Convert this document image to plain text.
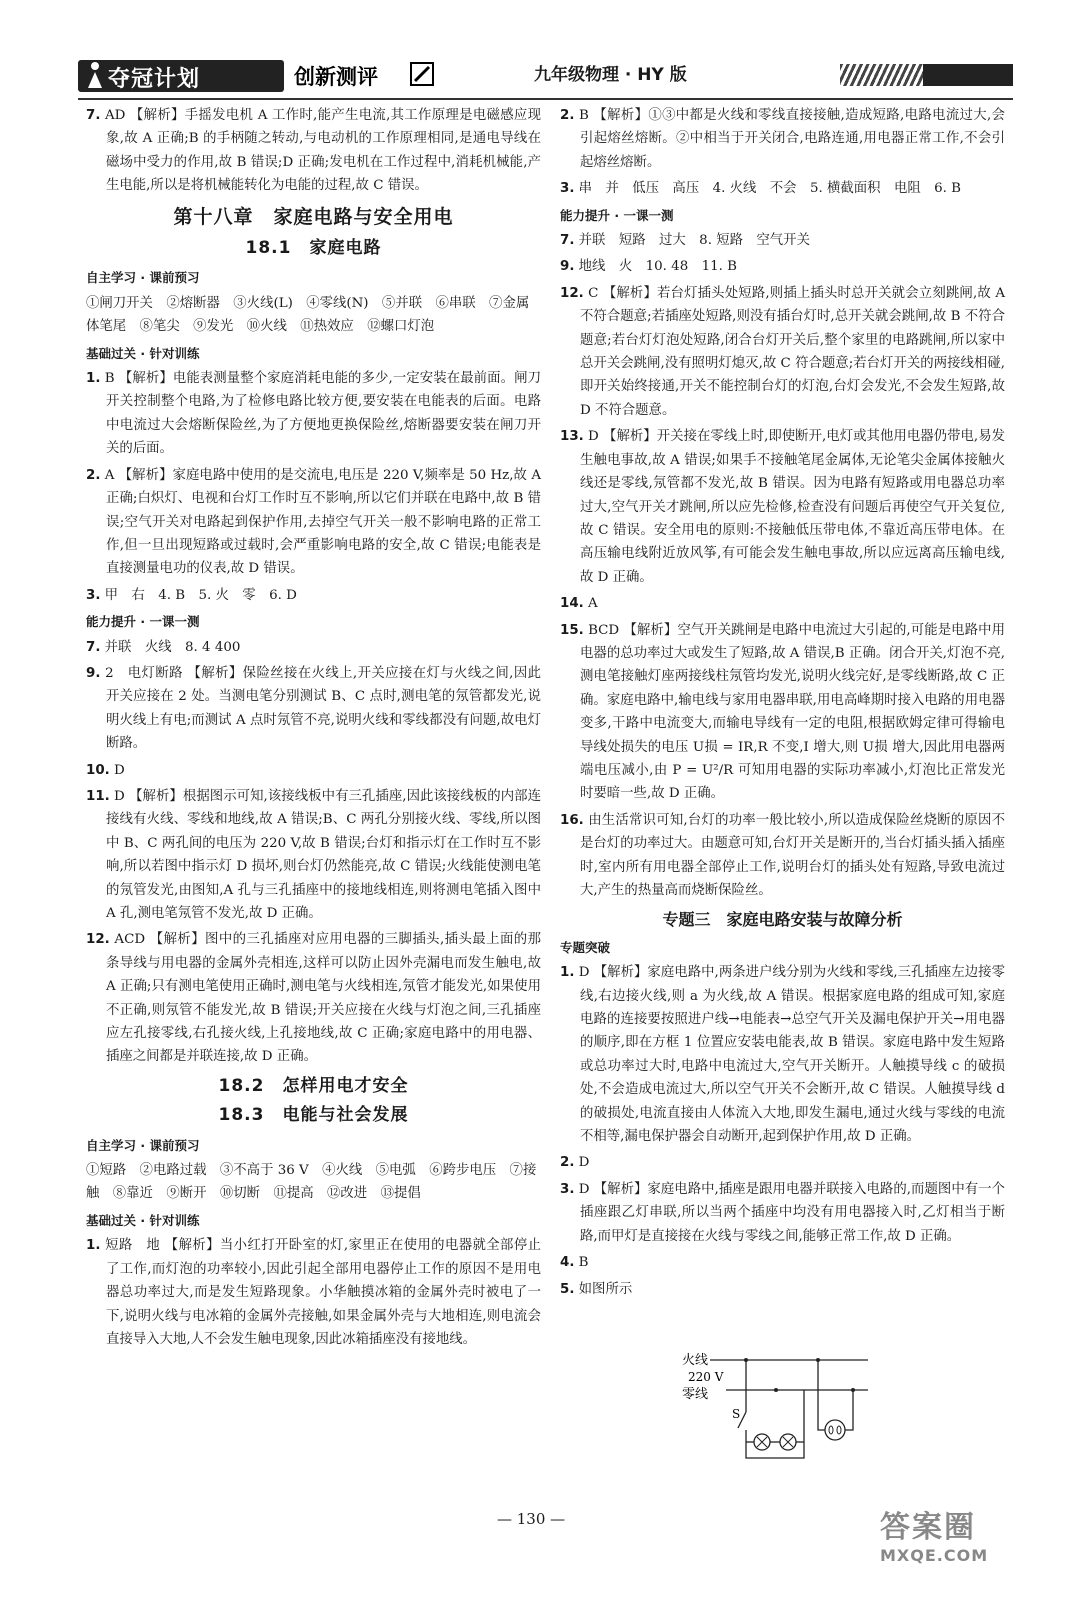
夺冠计划	创新测评	九年级物理 · HY 版

7. AD 【解析】手摇发电机 A 工作时,能产生电流,其工作原理是电磁感应现象,故 A 正确;B 的手柄随之转动,与电动机的工作原理相同,是通电导线在磁场中受力的作用,故 B 错误;D 正确;发电机在工作过程中,消耗机械能,产生电能,所以是将机械能转化为电能的过程,故 C 错误。

第十八章　家庭电路与安全用电
18.1　家庭电路
自主学习 · 课前预习

①闸刀开关　②熔断器　③火线(L)　④零线(N)　⑤并联　⑥串联　⑦金属体笔尾　⑧笔尖　⑨发光　⑩火线　⑪热效应　⑫螺口灯泡

基础过关 · 针对训练

1. B 【解析】电能表测量整个家庭消耗电能的多少,一定安装在最前面。闸刀开关控制整个电路,为了检修电路比较方便,要安装在电能表的后面。电路中电流过大会熔断保险丝,为了方便地更换保险丝,熔断器要安装在闸刀开关的后面。

2. A 【解析】家庭电路中使用的是交流电,电压是 220 V,频率是 50 Hz,故 A 正确;白炽灯、电视和台灯工作时互不影响,所以它们并联在电路中,故 B 错误;空气开关对电路起到保护作用,去掉空气开关一般不影响电路的正常工作,但一旦出现短路或过载时,会严重影响电路的安全,故 C 错误;电能表是直接测量电功的仪表,故 D 错误。

3. 甲　右　4. B　5. 火　零　6. D

能力提升 · 一课一测

7. 并联　火线　8. 4 400

9. 2　电灯断路 【解析】保险丝接在火线上,开关应接在灯与火线之间,因此开关应接在 2 处。当测电笔分别测试 B、C 点时,测电笔的氖管都发光,说明火线上有电;而测试 A 点时氖管不亮,说明火线和零线都没有问题,故电灯断路。

10. D

11. D 【解析】根据图示可知,该接线板中有三孔插座,因此该接线板的内部连接线有火线、零线和地线,故 A 错误;B、C 两孔分别接火线、零线,所以图中 B、C 两孔间的电压为 220 V,故 B 错误;台灯和指示灯在工作时互不影响,所以若图中指示灯 D 损坏,则台灯仍然能亮,故 C 错误;火线能使测电笔的氖管发光,由图知,A 孔与三孔插座中的接地线相连,则将测电笔插入图中 A 孔,测电笔氖管不发光,故 D 正确。

12. ACD 【解析】图中的三孔插座对应用电器的三脚插头,插头最上面的那条导线与用电器的金属外壳相连,这样可以防止因外壳漏电而发生触电,故 A 正确;只有测电笔使用正确时,测电笔与火线相连,氖管才能发光,如果使用不正确,则氖管不能发光,故 B 错误;开关应接在火线与灯泡之间,三孔插座应左孔接零线,右孔接火线,上孔接地线,故 C 正确;家庭电路中的用电器、插座之间都是并联连接,故 D 正确。

18.2　怎样用电才安全
18.3　电能与社会发展
自主学习 · 课前预习

①短路　②电路过载　③不高于 36 V　④火线　⑤电弧　⑥跨步电压　⑦接触　⑧靠近　⑨断开　⑩切断　⑪提高　⑫改进　⑬提倡

基础过关 · 针对训练

1. 短路　地 【解析】当小红打开卧室的灯,家里正在使用的电器就全部停止了工作,而灯泡的功率较小,因此引起全部用电器停止工作的原因不是用电器总功率过大,而是发生短路现象。小华触摸冰箱的金属外壳时被电了一下,说明火线与电冰箱的金属外壳接触,如果金属外壳与大地相连,则电流会直接导入大地,人不会发生触电现象,因此冰箱插座没有接地线。

2. B 【解析】①③中都是火线和零线直接接触,造成短路,电路电流过大,会引起熔丝熔断。②中相当于开关闭合,电路连通,用电器正常工作,不会引起熔丝熔断。

3. 串　并　低压　高压　4. 火线　不会　5. 横截面积　电阻　6. B

能力提升 · 一课一测

7. 并联　短路　过大　8. 短路　空气开关

9. 地线　火　10. 48　11. B

12. C 【解析】若台灯插头处短路,则插上插头时总开关就会立刻跳闸,故 A 不符合题意;若插座处短路,则没有插台灯时,总开关就会跳闸,故 B 不符合题意;若台灯灯泡处短路,闭合台灯开关后,整个家里的电路跳闸,所以家中总开关会跳闸,没有照明灯熄灭,故 C 符合题意;若台灯开关的两接线相碰,即开关始终接通,开关不能控制台灯的灯泡,台灯会发光,不会发生短路,故 D 不符合题意。

13. D 【解析】开关接在零线上时,即使断开,电灯或其他用电器仍带电,易发生触电事故,故 A 错误;如果手不接触笔尾金属体,无论笔尖金属体接触火线还是零线,氖管都不发光,故 B 错误。因为电路有短路或用电器总功率过大,空气开关才跳闸,所以应先检修,检查没有问题后再使空气开关复位,故 C 错误。安全用电的原则:不接触低压带电体,不靠近高压带电体。在高压输电线附近放风筝,有可能会发生触电事故,所以应远离高压输电线,故 D 正确。

14. A

15. BCD 【解析】空气开关跳闸是电路中电流过大引起的,可能是电路中用电器的总功率过大或发生了短路,故 A 错误,B 正确。闭合开关,灯泡不亮,测电笔接触灯座两接线柱氖管均发光,说明火线完好,是零线断路,故 C 正确。家庭电路中,输电线与家用电器串联,用电高峰期时接入电路的用电器变多,干路中电流变大,而输电导线有一定的电阻,根据欧姆定律可得输电导线处损失的电压 U损 = IR,R 不变,I 增大,则 U损 增大,因此用电器两端电压减小,由 P = U²/R 可知用电器的实际功率减小,灯泡比正常发光时要暗一些,故 D 正确。

16. 由生活常识可知,台灯的功率一般比较小,所以造成保险丝烧断的原因不是台灯的功率过大。由题意可知,台灯开关是断开的,当台灯插头插入插座时,室内所有用电器全部停止工作,说明台灯的插头处有短路,导致电流过大,产生的热量高而烧断保险丝。

专题三　家庭电路安装与故障分析
专题突破

1. D 【解析】家庭电路中,两条进户线分别为火线和零线,三孔插座左边接零线,右边接火线,则 a 为火线,故 A 错误。根据家庭电路的组成可知,家庭电路的连接要按照进户线→电能表→总空气开关及漏电保护开关→用电器的顺序,即在方框 1 位置应安装电能表,故 B 错误。家庭电路中发生短路或总功率过大时,电路中电流过大,空气开关断开。人触摸导线 c 的破损处,不会造成电流过大,所以空气开关不会断开,故 C 错误。人触摸导线 d 的破损处,电流直接由人体流入大地,即发生漏电,通过火线与零线的电流不相等,漏电保护器会自动断开,起到保护作用,故 D 正确。

2. D

3. D 【解析】家庭电路中,插座是跟用电器并联接入电路的,而题图中有一个插座跟乙灯串联,所以当两个插座中均没有用电器接入时,乙灯相当于断路,而甲灯是直接接在火线与零线之间,能够正常工作,故 D 正确。

4. B

5. 如图所示

火线
220 V
零线
S
— 130 —	答案圈
MXQE.COM
